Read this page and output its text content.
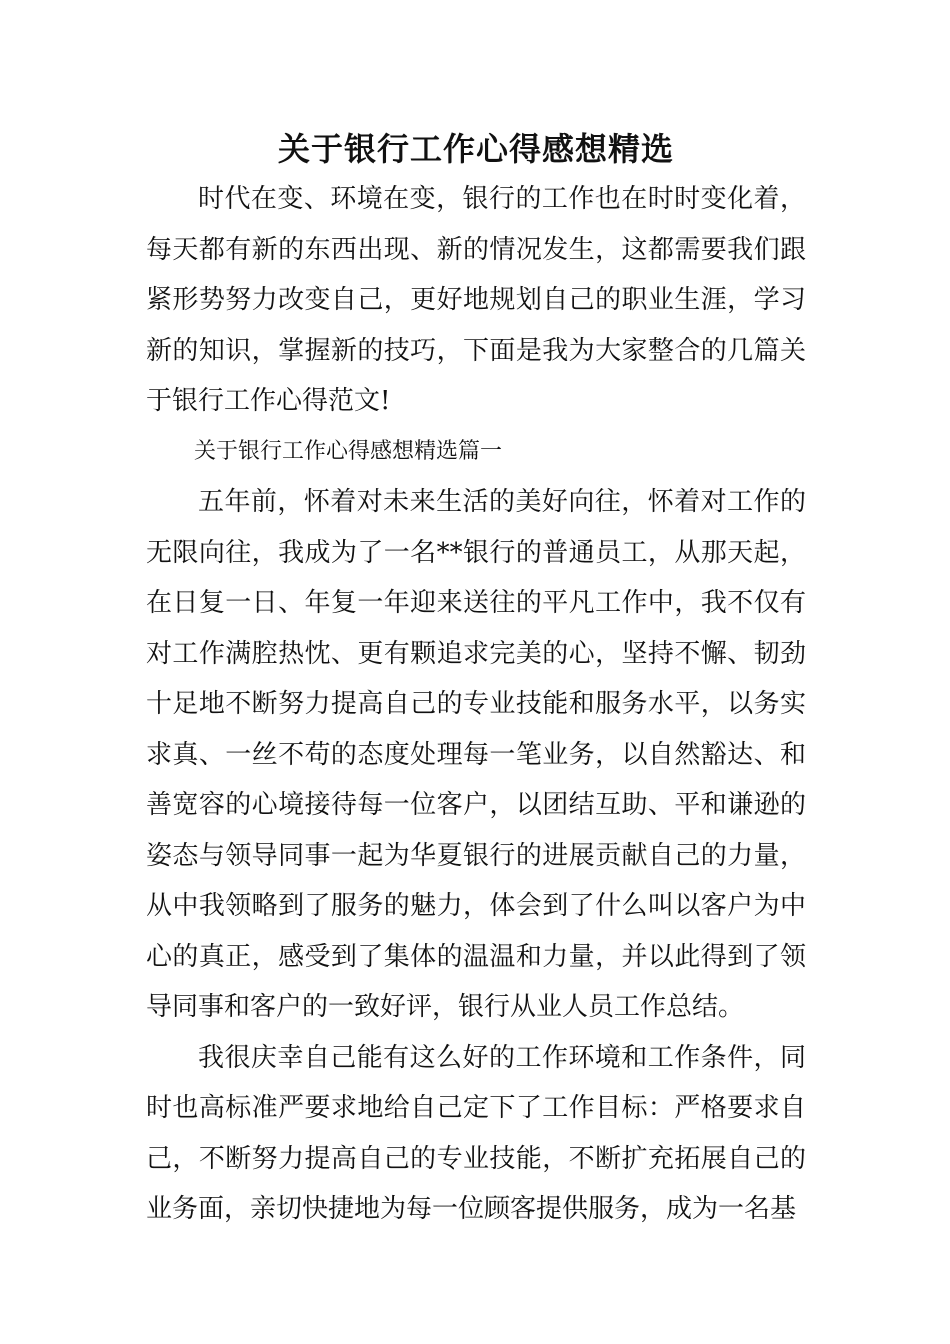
关于银行工作心得感想精选

时代在变、环境在变，银行的工作也在时时变化着，每天都有新的东西出现、新的情况发生，这都需要我们跟紧形势努力改变自己，更好地规划自己的职业生涯，学习新的知识，掌握新的技巧，下面是我为大家整合的几篇关于银行工作心得范文!

关于银行工作心得感想精选篇一

五年前，怀着对未来生活的美好向往，怀着对工作的无限向往，我成为了一名**银行的普通员工，从那天起，在日复一日、年复一年迎来送往的平凡工作中，我不仅有对工作满腔热忱、更有颗追求完美的心，坚持不懈、韧劲十足地不断努力提高自己的专业技能和服务水平，以务实求真、一丝不苟的态度处理每一笔业务，以自然豁达、和善宽容的心境接待每一位客户，以团结互助、平和谦逊的姿态与领导同事一起为华夏银行的进展贡献自己的力量，从中我领略到了服务的魅力，体会到了什么叫以客户为中心的真正，感受到了集体的温温和力量，并以此得到了领导同事和客户的一致好评，银行从业人员工作总结。

我很庆幸自己能有这么好的工作环境和工作条件，同时也高标准严要求地给自己定下了工作目标：严格要求自己，不断努力提高自己的专业技能，不断扩充拓展自己的业务面，亲切快捷地为每一位顾客提供服务，成为一名基
